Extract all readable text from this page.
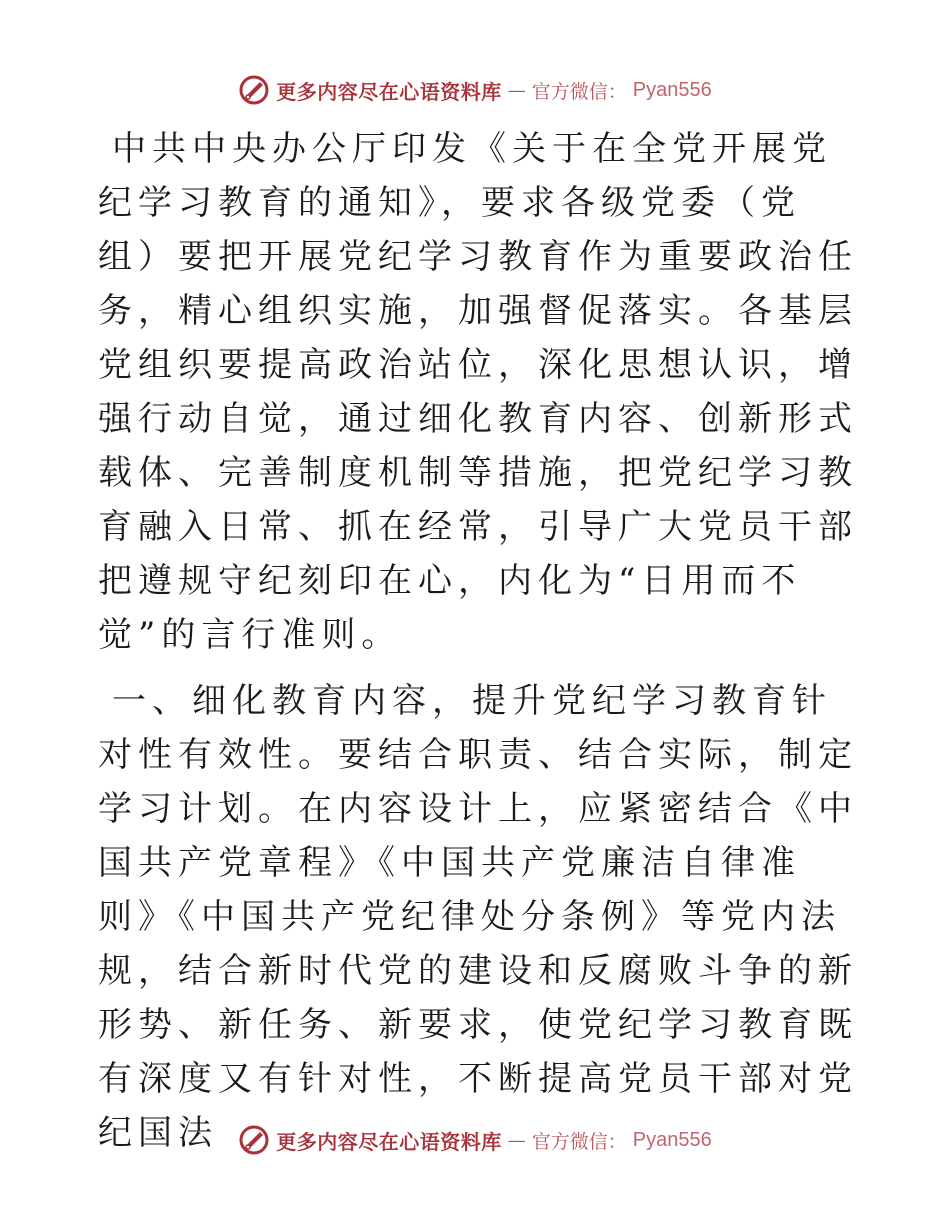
更多内容尽在心语资料库 — 官方微信： Pyan556

中共中央办公厅印发《关于在全党开展党纪学习教育的通知》，要求各级党委（党组）要把开展党纪学习教育作为重要政治任务，精心组织实施，加强督促落实。各基层党组织要提高政治站位，深化思想认识，增强行动自觉，通过细化教育内容、创新形式载体、完善制度机制等措施，把党纪学习教育融入日常、抓在经常，引导广大党员干部把遵规守纪刻印在心，内化为“日用而不觉”的言行准则。

一、细化教育内容，提升党纪学习教育针对性有效性。要结合职责、结合实际，制定学习计划。在内容设计上，应紧密结合《中国共产党章程》《中国共产党廉洁自律准则》《中国共产党纪律处分条例》等党内法规，结合新时代党的建设和反腐败斗争的新形势、新任务、新要求，使党纪学习教育既有深度又有针对性，不断提高党员干部对党纪国法	更多内容尽在心语资料库 — 官方微信： Pyan556
